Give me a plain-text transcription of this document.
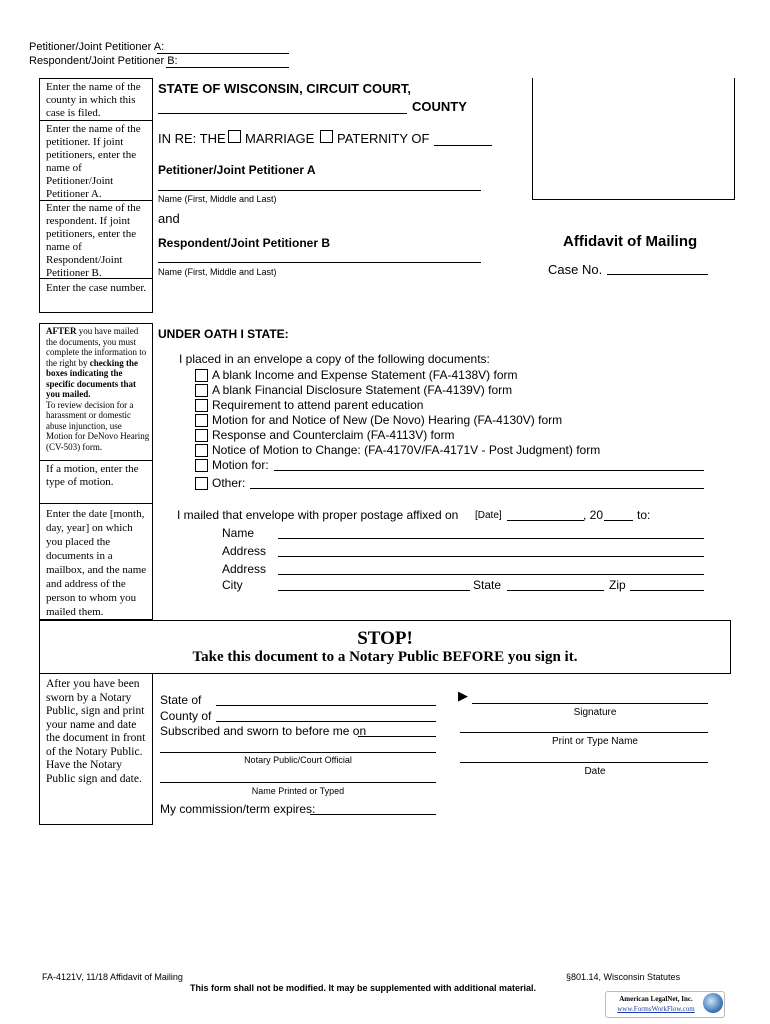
Petitioner/Joint Petitioner A:
Respondent/Joint Petitioner B:
Enter the name of the county in which this case is filed.
Enter the name of the petitioner. If joint petitioners, enter the name of Petitioner/Joint Petitioner A.
Enter the name of the respondent. If joint petitioners, enter the name of Respondent/Joint Petitioner B.
Enter the case number.
STATE OF WISCONSIN, CIRCUIT COURT,
COUNTY
IN RE: THE MARRIAGE PATERNITY OF
Petitioner/Joint Petitioner A
Name (First, Middle and Last)
and
Respondent/Joint Petitioner B
Name (First, Middle and Last)
Affidavit of Mailing
Case No.
AFTER you have mailed the documents, you must complete the information to the right by checking the boxes indicating the specific documents that you mailed.
To review decision for a harassment or domestic abuse injunction, use Motion for DeNovo Hearing (CV-503) form.
If a motion, enter the type of motion.
Enter the date [month, day, year] on which you placed the documents in a mailbox, and the name and address of the person to whom you mailed them.
UNDER OATH I STATE:
I placed in an envelope a copy of the following documents:
A blank Income and Expense Statement (FA-4138V) form
A blank Financial Disclosure Statement (FA-4139V) form
Requirement to attend parent education
Motion for and Notice of New (De Novo) Hearing (FA-4130V) form
Response and Counterclaim (FA-4113V) form
Notice of Motion to Change: (FA-4170V/FA-4171V - Post Judgment) form
Motion for:
Other:
I mailed that envelope with proper postage affixed on [Date]	, 20	to:
Name
Address
Address
City	State	Zip
STOP!
Take this document to a Notary Public BEFORE you sign it.
After you have been sworn by a Notary Public, sign and print your name and date the document in front of the Notary Public. Have the Notary Public sign and date.
State of
County of
Subscribed and sworn to before me on
Notary Public/Court Official
Name Printed or Typed
My commission/term expires:
▶
Signature
Print or Type Name
Date
FA-4121V, 11/18 Affidavit of Mailing	§801.14, Wisconsin Statutes
This form shall not be modified. It may be supplemented with additional material.
American LegalNet, Inc.
www.FormsWorkFlow.com
